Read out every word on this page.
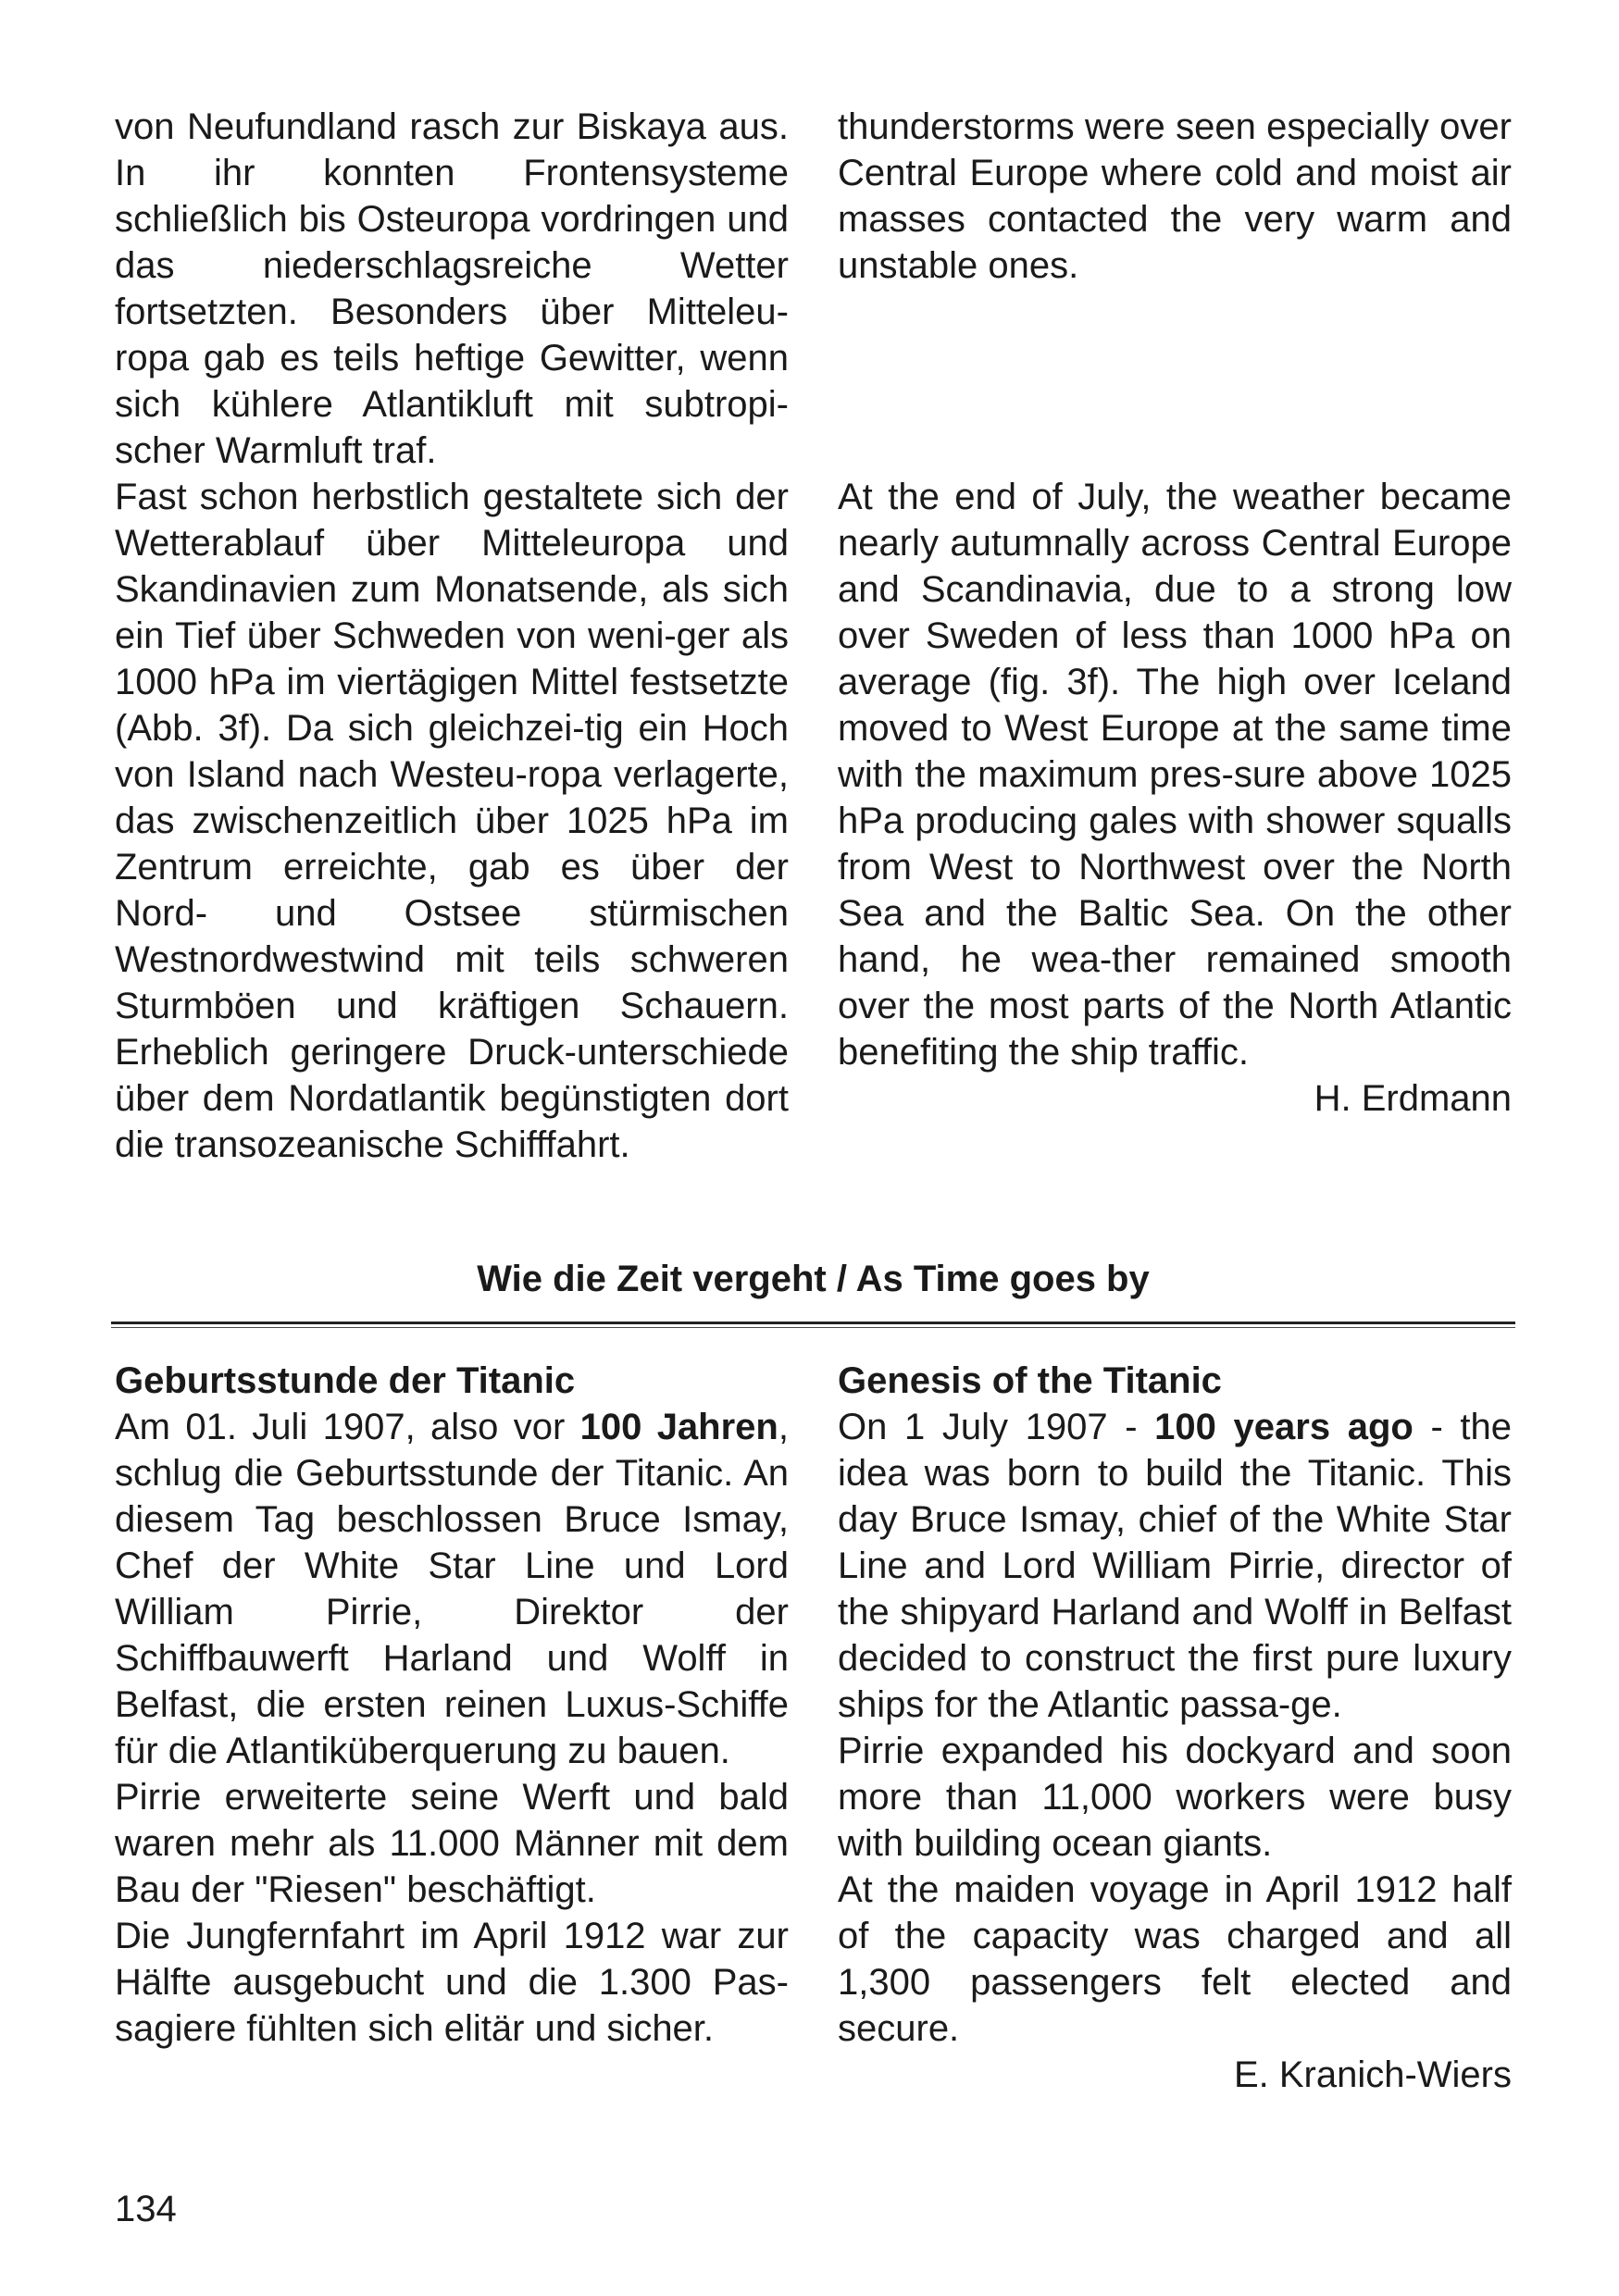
von Neufundland rasch zur Biskaya aus. In ihr konnten Frontensysteme schließlich bis Osteuropa vordringen und das niederschlagsreiche Wetter fortsetzten. Besonders über Mitteleu-ropa gab es teils heftige Gewitter, wenn sich kühlere Atlantikluft mit subtropi-scher Warmluft traf.

Fast schon herbstlich gestaltete sich der Wetterablauf über Mitteleuropa und Skandinavien zum Monatsende, als sich ein Tief über Schweden von weni-ger als 1000 hPa im viertägigen Mittel festsetzte (Abb. 3f). Da sich gleichzei-tig ein Hoch von Island nach Westeu-ropa verlagerte, das zwischenzeitlich über 1025 hPa im Zentrum erreichte, gab es über der Nord- und Ostsee stürmischen Westnordwestwind mit teils schweren Sturmböen und kräftigen Schauern. Erheblich geringere Druck-unterschiede über dem Nordatlantik begünstigten dort die transozeanische Schifffahrt.

thunderstorms were seen especially over Central Europe where cold and moist air masses contacted the very warm and unstable ones.

At the end of July, the weather became nearly autumnally across Central Europe and Scandinavia, due to a strong low over Sweden of less than 1000 hPa on average (fig. 3f). The high over Iceland moved to West Europe at the same time with the maximum pres-sure above 1025 hPa producing gales with shower squalls from West to Northwest over the North Sea and the Baltic Sea. On the other hand, he wea-ther remained smooth over the most parts of the North Atlantic benefiting the ship traffic.

H. Erdmann

Wie die Zeit vergeht / As Time goes by

Geburtsstunde der Titanic

Am 01. Juli 1907, also vor 100 Jahren, schlug die Geburtsstunde der Titanic. An diesem Tag beschlossen Bruce Ismay, Chef der White Star Line und Lord William Pirrie, Direktor der Schiffbauwerft Harland und Wolff in Belfast, die ersten reinen Luxus-Schiffe für die Atlantiküberquerung zu bauen.

Pirrie erweiterte seine Werft und bald waren mehr als 11.000 Männer mit dem Bau der "Riesen" beschäftigt.

Die Jungfernfahrt im April 1912 war zur Hälfte ausgebucht und die 1.300 Pas-sagiere fühlten sich elitär und sicher.

Genesis of the Titanic

On 1 July 1907 - 100 years ago - the idea was born to build the Titanic. This day Bruce Ismay, chief of the White Star Line and Lord William Pirrie, director of the shipyard Harland and Wolff in Belfast decided to construct the first pure luxury ships for the Atlantic passa-ge.

Pirrie expanded his dockyard and soon more than 11,000 workers were busy with building ocean giants.

At the maiden voyage in April 1912 half of the capacity was charged and all 1,300 passengers felt elected and secure.

E. Kranich-Wiers

134
